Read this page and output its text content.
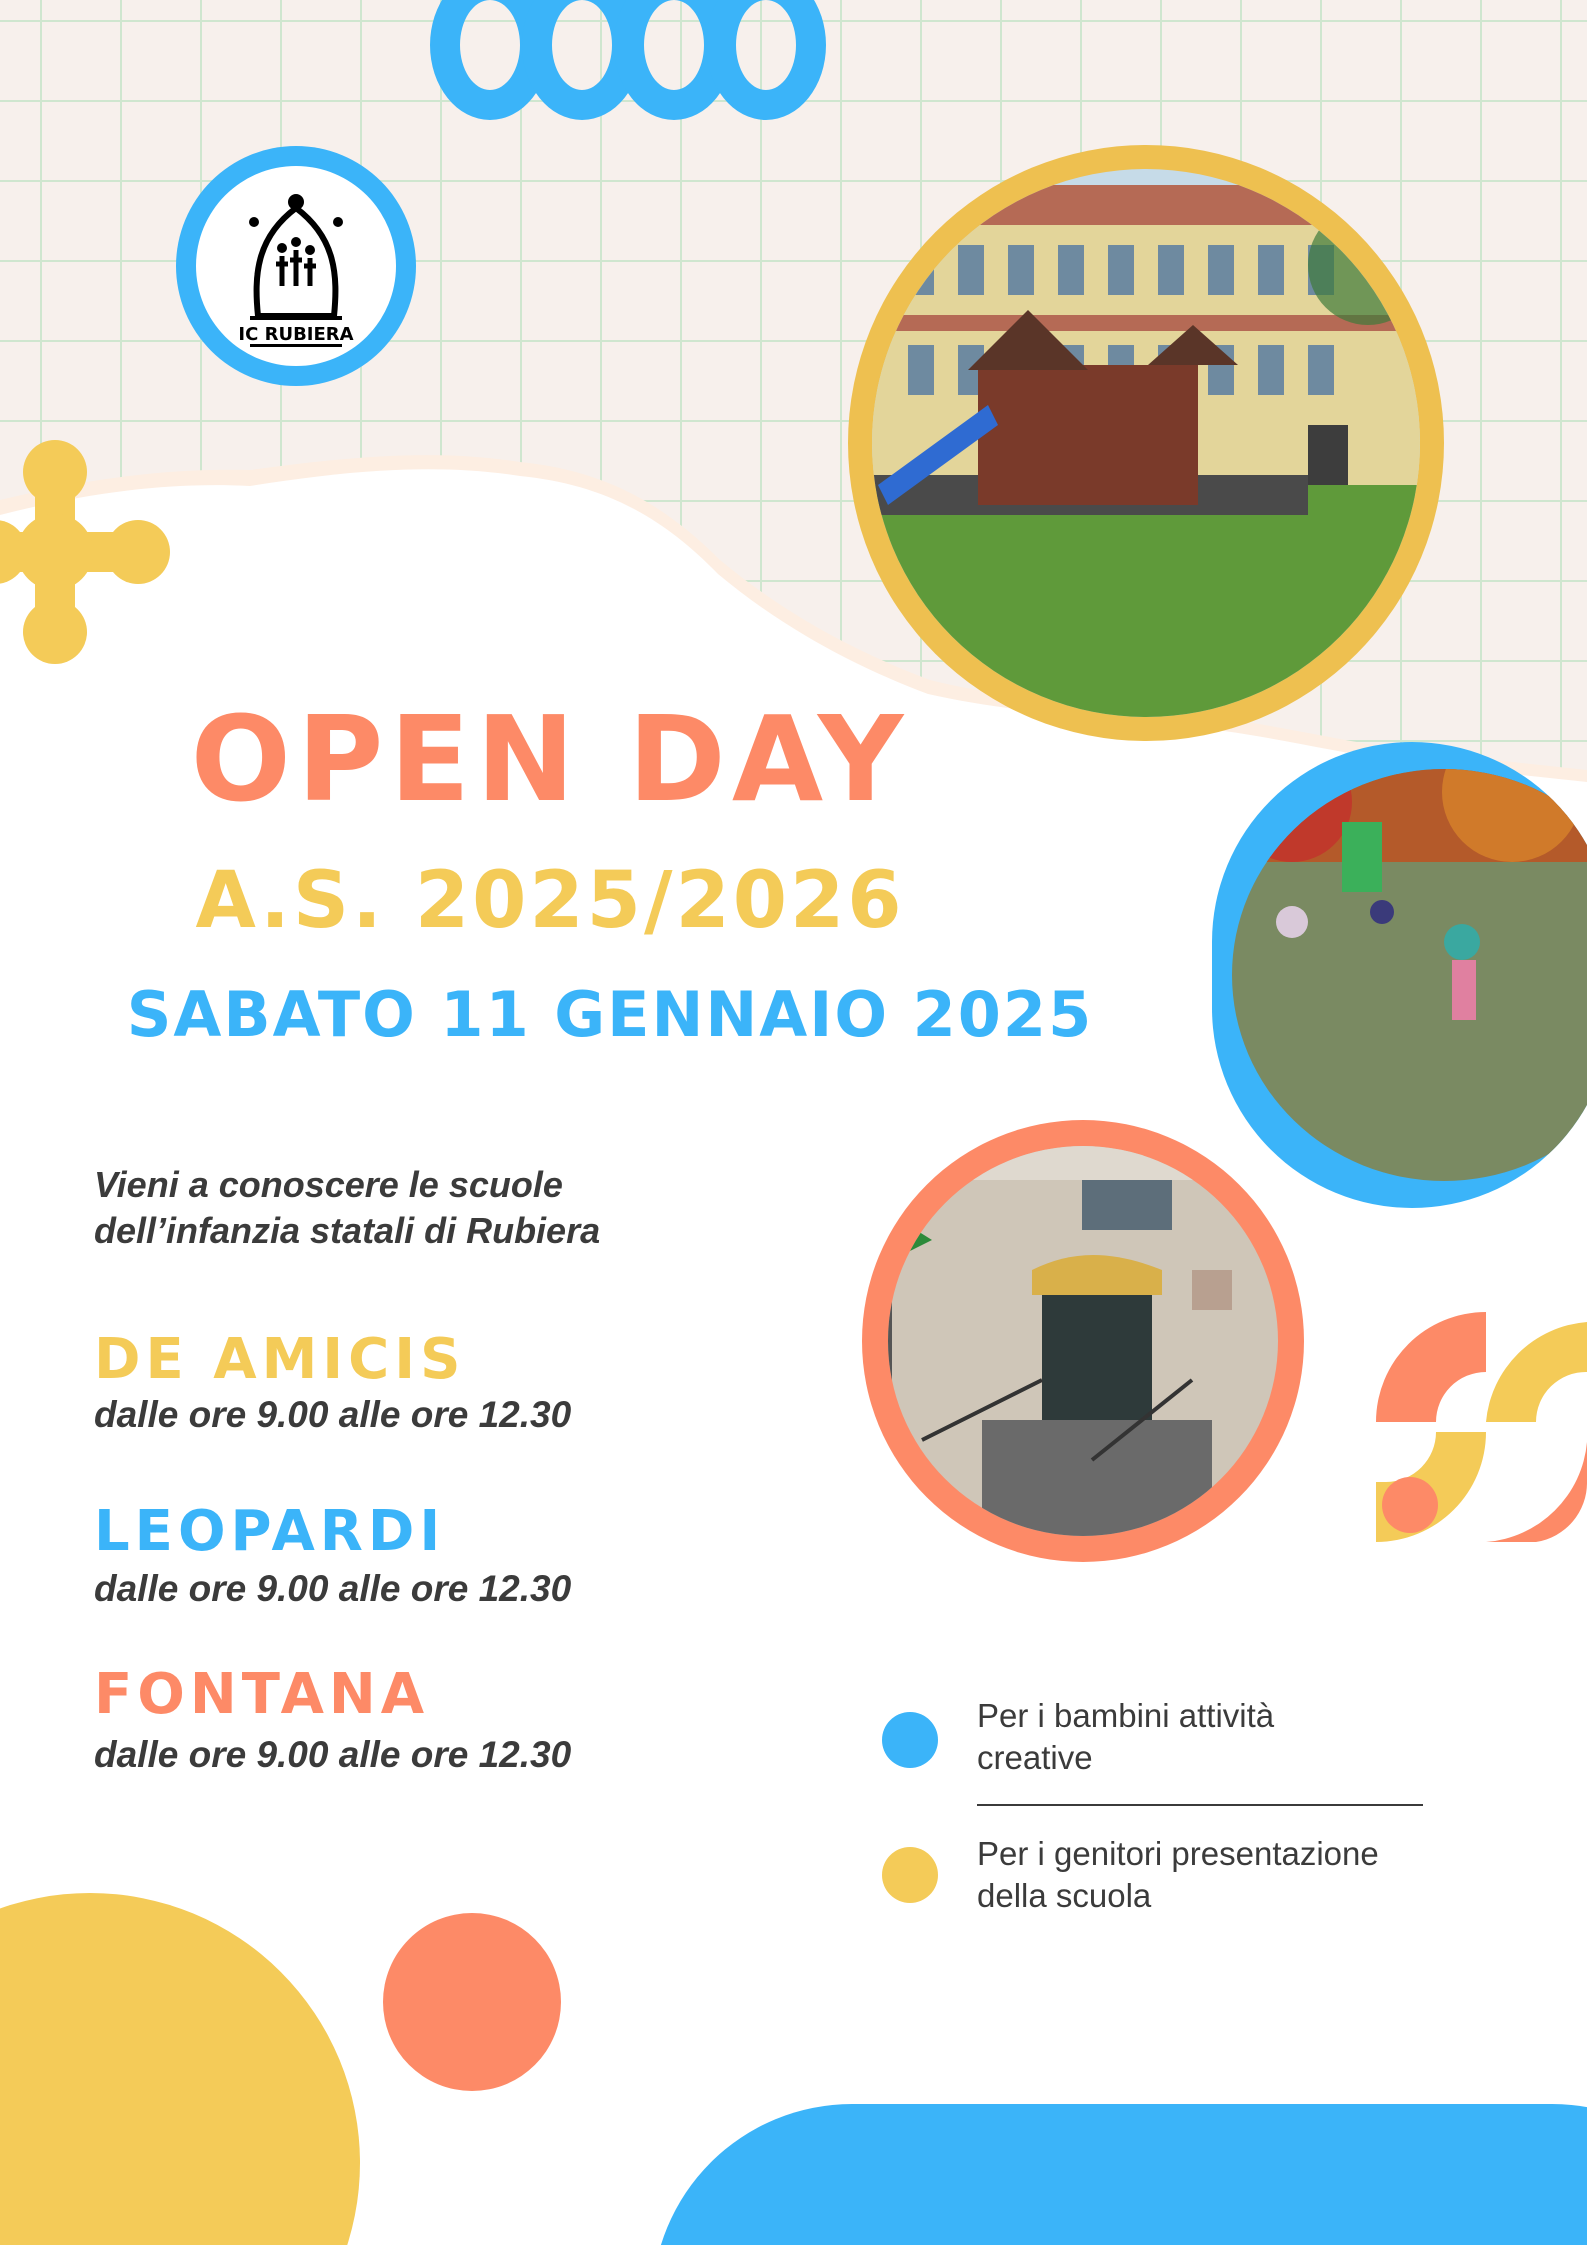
IC RUBIERA
OPEN DAY
A.S. 2025/2026
SABATO 11 GENNAIO 2025
Vieni a conoscere le scuole
dell’infanzia statali di Rubiera
DE AMICIS
dalle ore 9.00 alle ore 12.30
LEOPARDI
dalle ore 9.00 alle ore 12.30
FONTANA
dalle ore 9.00 alle ore 12.30
Per i bambini attività
creative
Per i genitori presentazione
della scuola
